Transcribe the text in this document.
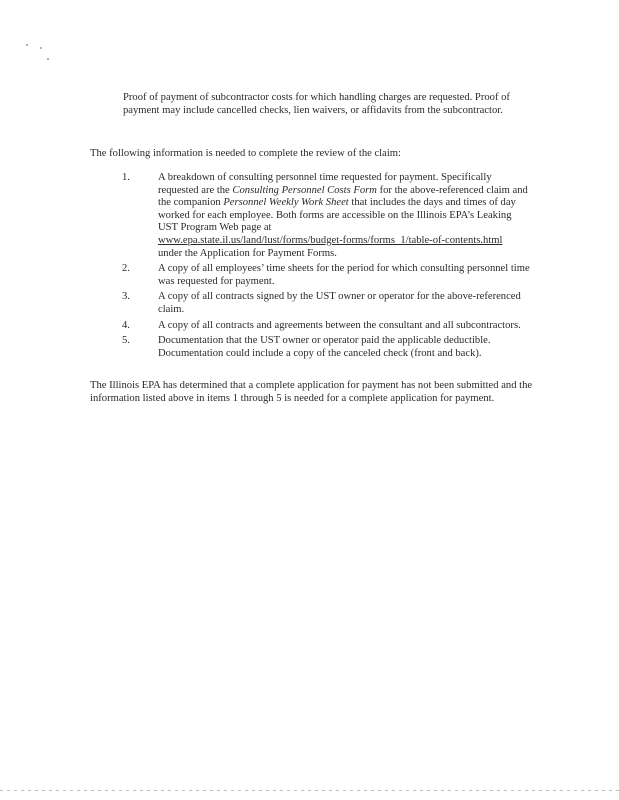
Proof of payment of subcontractor costs for which handling charges are requested. Proof of payment may include cancelled checks, lien waivers, or affidavits from the subcontractor.

The following information is needed to complete the review of the claim:

1.	A breakdown of consulting personnel time requested for payment. Specifically requested are the Consulting Personnel Costs Form for the above-referenced claim and the companion Personnel Weekly Work Sheet that includes the days and times of day worked for each employee. Both forms are accessible on the Illinois EPA’s Leaking UST Program Web page at
www.epa.state.il.us/land/lust/forms/budget-forms/forms_1/table-of-contents.html
under the Application for Payment Forms.
2.	A copy of all employees’ time sheets for the period for which consulting personnel time was requested for payment.
3.	A copy of all contracts signed by the UST owner or operator for the above-referenced claim.
4.	A copy of all contracts and agreements between the consultant and all subcontractors.
5.	Documentation that the UST owner or operator paid the applicable deductible. Documentation could include a copy of the canceled check (front and back).

The Illinois EPA has determined that a complete application for payment has not been submitted and the information listed above in items 1 through 5 is needed for a complete application for payment.
